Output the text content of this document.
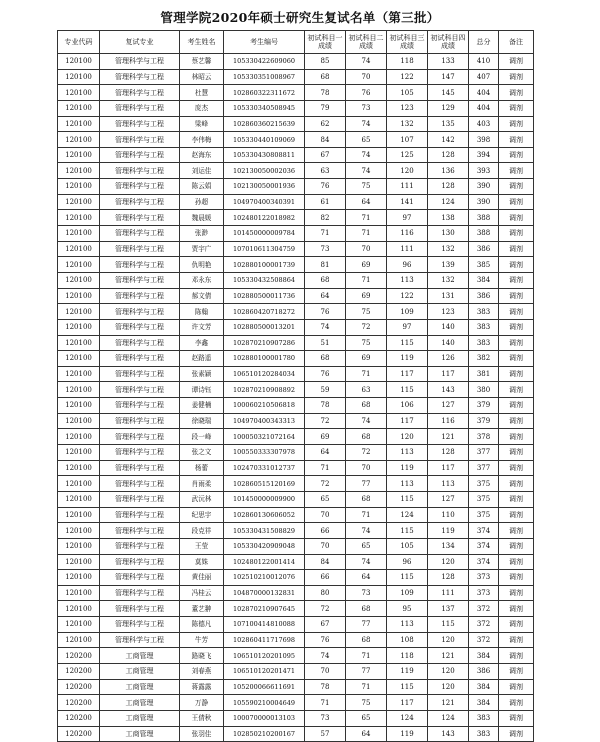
管理学院2020年硕士研究生复试名单（第三批）
专业代码	复试专业	考生姓名	考生编号	初试科目一成绩	初试科目二成绩	初试科目三成绩	初试科目四成绩	总分	备注
120100	管理科学与工程	蔡艺馨	105330422609060	85	74	118	133	410	调剂
120100	管理科学与工程	林昭云	105330351008967	68	70	122	147	407	调剂
120100	管理科学与工程	杜慧	102860322311672	78	76	105	145	404	调剂
120100	管理科学与工程	庞杰	105330340508945	79	73	123	129	404	调剂
120100	管理科学与工程	梁峰	102860360215639	62	74	132	135	403	调剂
120100	管理科学与工程	李伟梅	105330440109069	84	65	107	142	398	调剂
120100	管理科学与工程	赵海东	105330430808811	67	74	125	128	394	调剂
120100	管理科学与工程	刘运佳	102130050002036	63	74	120	136	393	调剂
120100	管理科学与工程	陈云娟	102130050001936	76	75	111	128	390	调剂
120100	管理科学与工程	孙超	104970400340391	61	64	141	124	390	调剂
120100	管理科学与工程	魏晨媛	102480122018982	82	71	97	138	388	调剂
120100	管理科学与工程	张渺	101450000009784	71	71	116	130	388	调剂
120100	管理科学与工程	贾宇广	107010611304759	73	70	111	132	386	调剂
120100	管理科学与工程	仇明艳	102880100001739	81	69	96	139	385	调剂
120100	管理科学与工程	邓永东	105330432508864	68	71	113	132	384	调剂
120100	管理科学与工程	郝文倩	102880500011736	64	69	122	131	386	调剂
120100	管理科学与工程	陈翰	102860420718272	76	75	109	123	383	调剂
120100	管理科学与工程	许文芳	102880500013201	74	72	97	140	383	调剂
120100	管理科学与工程	李鑫	102870210907286	51	75	115	140	383	调剂
120100	管理科学与工程	赵路遥	102880100001780	68	69	119	126	382	调剂
120100	管理科学与工程	张素颖	106510120284034	76	71	117	117	381	调剂
120100	管理科学与工程	谭诗钰	102870210908892	59	63	115	143	380	调剂
120100	管理科学与工程	姜健楠	100060210506818	78	68	106	127	379	调剂
120100	管理科学与工程	徐晓瑞	104970400343313	72	74	117	116	379	调剂
120100	管理科学与工程	段一峰	100050321072164	69	68	120	121	378	调剂
120100	管理科学与工程	张之文	100550333307978	64	72	113	128	377	调剂
120100	管理科学与工程	杨蕾	102470331012737	71	70	119	117	377	调剂
120100	管理科学与工程	肖雨柔	102860515120169	72	77	113	113	375	调剂
120100	管理科学与工程	武沅林	101450000009900	65	68	115	127	375	调剂
120100	管理科学与工程	纪思宇	102860130606052	70	71	124	110	375	调剂
120100	管理科学与工程	段克祥	105330431508829	66	74	115	119	374	调剂
120100	管理科学与工程	王莹	105330420909048	70	65	105	134	374	调剂
120100	管理科学与工程	莫姝	102480122001414	84	74	96	120	374	调剂
120100	管理科学与工程	黄佳丽	102510210012076	66	64	115	128	373	调剂
120100	管理科学与工程	冯桂云	104870000132831	80	73	109	111	373	调剂
120100	管理科学与工程	董艺翀	102870210907645	72	68	95	137	372	调剂
120100	管理科学与工程	陈德凡	107100414810088	67	77	113	115	372	调剂
120100	管理科学与工程	牛芳	102860411717698	76	68	108	120	372	调剂
120200	工商管理	路晓飞	106510120201095	74	71	118	121	384	调剂
120200	工商管理	刘春燕	106510120201471	70	77	119	120	386	调剂
120200	工商管理	蒋露露	105200066611691	78	71	115	120	384	调剂
120200	工商管理	万静	105590210004649	71	75	117	121	384	调剂
120200	工商管理	王倩秋	100070000013103	73	65	124	124	383	调剂
120200	工商管理	张羽佳	102850210200167	57	64	119	143	383	调剂
